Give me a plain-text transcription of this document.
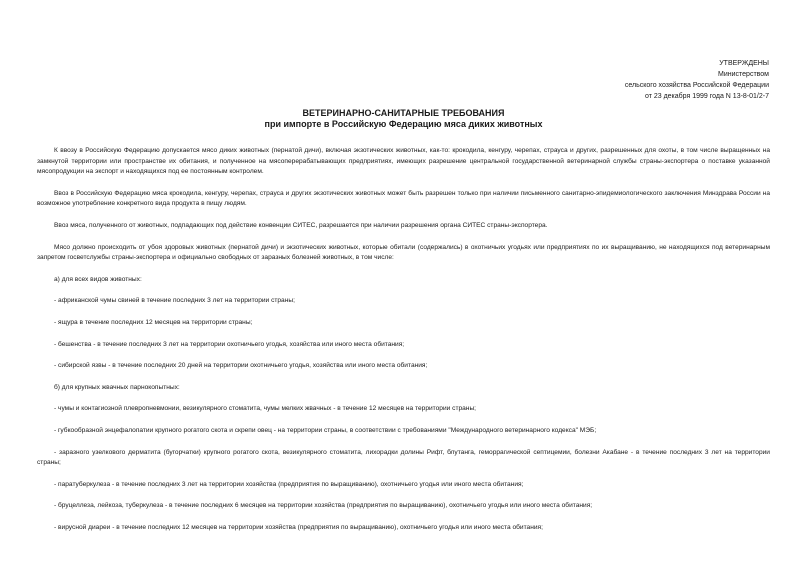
УТВЕРЖДЕНЫ
Министерством
сельского хозяйства Российской Федерации
от 23 декабря 1999 года N 13-8-01/2-7
ВЕТЕРИНАРНО-САНИТАРНЫЕ ТРЕБОВАНИЯ
при импорте в Российскую Федерацию мяса диких животных

К ввозу в Российскую Федерацию допускается мясо диких животных (пернатой дичи), включая экзотических животных, как-то: крокодила, кенгуру, черепах, страуса и других, разрешенных для охоты, в том числе выращенных на замкнутой территории или пространстве их обитания, и полученное на мясоперерабатывающих предприятиях, имеющих разрешение центральной государственной ветеринарной службы страны-экспортера о поставке указанной мясопродукции на экспорт и находящихся под ее постоянным контролем.

Ввоз в Российскую Федерацию мяса крокодила, кенгуру, черепах, страуса и других экзотических животных может быть разрешен только при наличии письменного санитарно-эпидемиологического заключения Минздрава России на возможное употребление конкретного вида продукта в пищу людям.

Ввоз мяса, полученного от животных, подпадающих под действие конвенции СИТЕС, разрешается при наличии разрешения органа СИТЕС страны-экспортера.

Мясо должно происходить от убоя здоровых животных (пернатой дичи) и экзотических животных, которые обитали (содержались) в охотничьих угодьях или предприятиях по их выращиванию, не находящихся под ветеринарным запретом госветслужбы страны-экспортера и официально свободных от заразных болезней животных, в том числе:

а) для всех видов животных:

- африканской чумы свиней в течение последних 3 лет на территории страны;

- ящура в течение последних 12 месяцев на территории страны;

- бешенства - в течение последних 3 лет на территории охотничьего угодья, хозяйства или иного места обитания;

- сибирской язвы - в течение последних 20 дней на территории охотничьего угодья, хозяйства или иного места обитания;

б) для крупных жвачных парнокопытных:

- чумы и контагиозной плевропневмонии, везикулярного стоматита, чумы мелких жвачных - в течение 12 месяцев на территории страны;

- губкообразной энцефалопатии крупного рогатого скота и скрепи овец - на территории страны, в соответствии с требованиями "Международного ветеринарного кодекса" МЭБ;

- заразного узелкового дерматита (бугорчатки) крупного рогатого скота, везикулярного стоматита, лихорадки долины Рифт, блутанга, геморрагической септицемии, болезни Акабане - в течение последних 3 лет на территории страны;

- паратуберкулеза - в течение последних 3 лет на территории хозяйства (предприятия по выращиванию), охотничьего угодья или иного места обитания;

- бруцеллеза, лейкоза, туберкулеза - в течение последних 6 месяцев на территории хозяйства (предприятия по выращиванию), охотничьего угодья или иного места обитания;

- вирусной диареи - в течение последних 12 месяцев на территории хозяйства (предприятия по выращиванию), охотничьего угодья или иного места обитания;
